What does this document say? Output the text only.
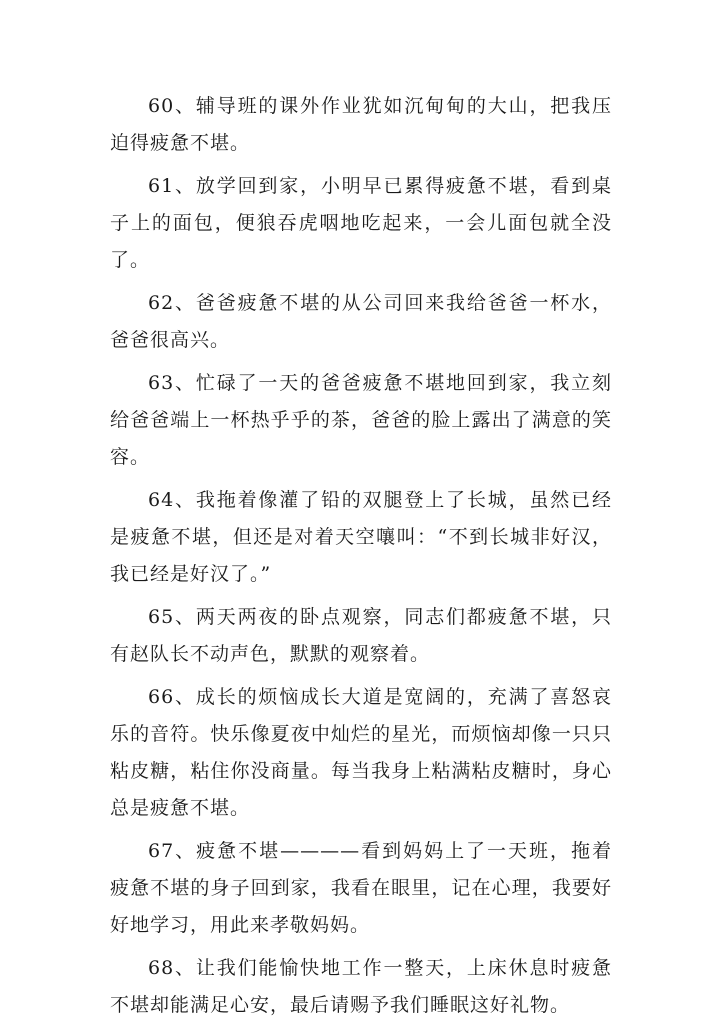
60、辅导班的课外作业犹如沉甸甸的大山，把我压迫得疲惫不堪。

61、放学回到家，小明早已累得疲惫不堪，看到桌子上的面包，便狼吞虎咽地吃起来，一会儿面包就全没了。

62、爸爸疲惫不堪的从公司回来我给爸爸一杯水，爸爸很高兴。

63、忙碌了一天的爸爸疲惫不堪地回到家，我立刻给爸爸端上一杯热乎乎的茶，爸爸的脸上露出了满意的笑容。

64、我拖着像灌了铅的双腿登上了长城，虽然已经是疲惫不堪，但还是对着天空嚷叫：“不到长城非好汉，我已经是好汉了。”

65、两天两夜的卧点观察，同志们都疲惫不堪，只有赵队长不动声色，默默的观察着。

66、成长的烦恼成长大道是宽阔的，充满了喜怒哀乐的音符。快乐像夏夜中灿烂的星光，而烦恼却像一只只粘皮糖，粘住你没商量。每当我身上粘满粘皮糖时，身心总是疲惫不堪。

67、疲惫不堪————看到妈妈上了一天班，拖着疲惫不堪的身子回到家，我看在眼里，记在心理，我要好好地学习，用此来孝敬妈妈。

68、让我们能愉快地工作一整天，上床休息时疲惫不堪却能满足心安，最后请赐予我们睡眠这好礼物。
